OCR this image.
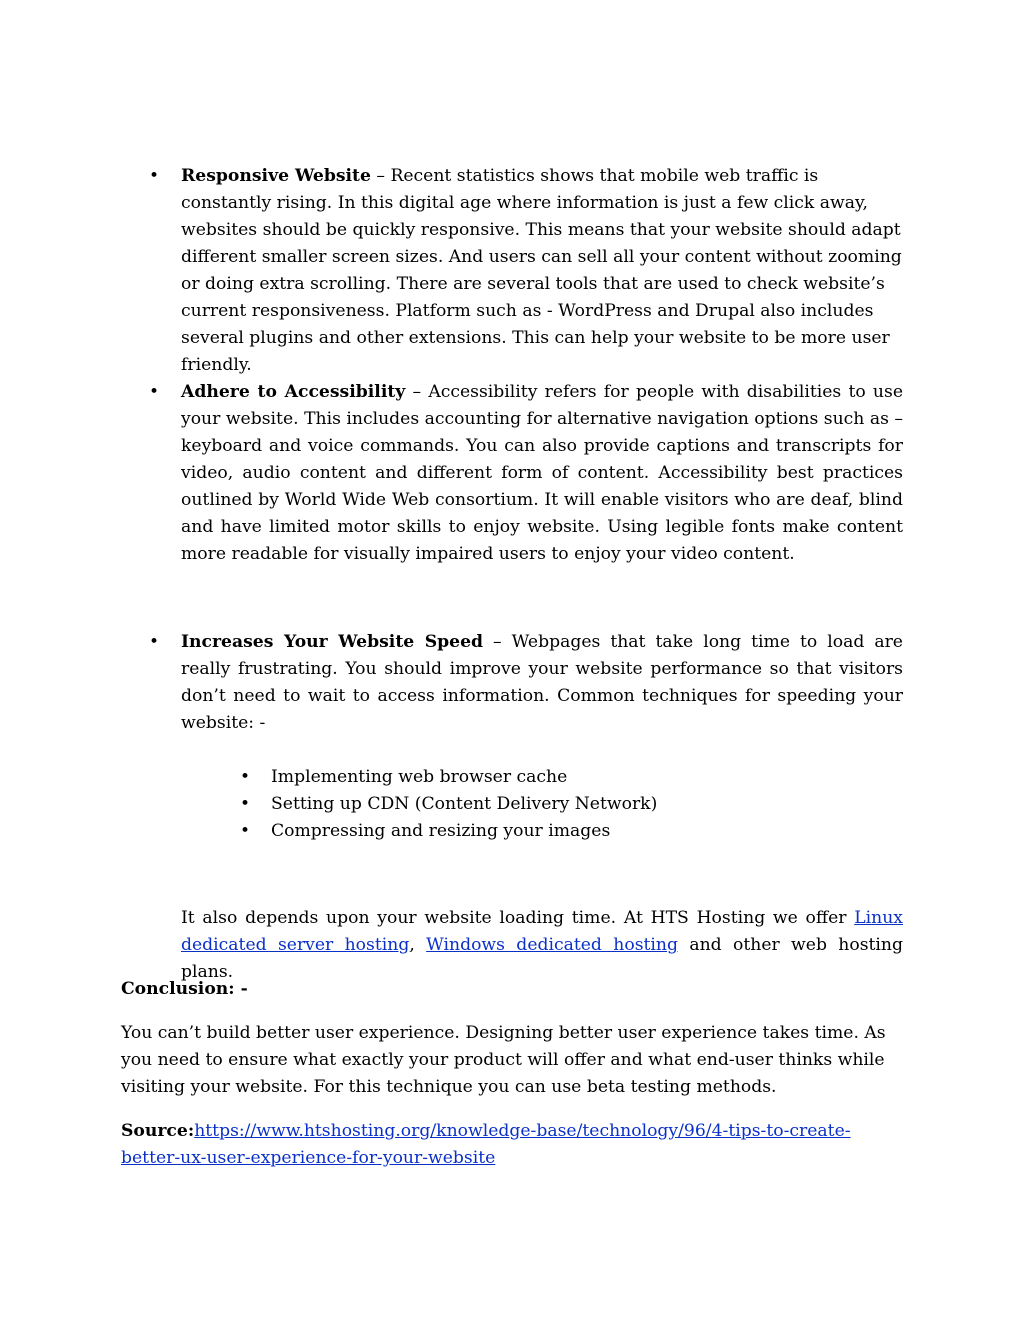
• Responsive Website – Recent statistics shows that mobile web traffic is constantly rising. In this digital age where information is just a few click away, websites should be quickly responsive. This means that your website should adapt different smaller screen sizes. And users can sell all your content without zooming or doing extra scrolling. There are several tools that are used to check website’s current responsiveness. Platform such as - WordPress and Drupal also includes several plugins and other extensions. This can help your website to be more user friendly.
• Adhere to Accessibility – Accessibility refers for people with disabilities to use your website. This includes accounting for alternative navigation options such as – keyboard and voice commands. You can also provide captions and transcripts for video, audio content and different form of content. Accessibility best practices outlined by World Wide Web consortium. It will enable visitors who are deaf, blind and have limited motor skills to enjoy website. Using legible fonts make content more readable for visually impaired users to enjoy your video content.
• Increases Your Website Speed – Webpages that take long time to load are really frustrating. You should improve your website performance so that visitors don’t need to wait to access information. Common techniques for speeding your website: -
• Implementing web browser cache
• Setting up CDN (Content Delivery Network)
• Compressing and resizing your images
It also depends upon your website loading time. At HTS Hosting we offer Linux dedicated server hosting, Windows dedicated hosting and other web hosting plans.
Conclusion: -
You can’t build better user experience. Designing better user experience takes time. As you need to ensure what exactly your product will offer and what end-user thinks while visiting your website. For this technique you can use beta testing methods.
Source:https://www.htshosting.org/knowledge-base/technology/96/4-tips-to-create-better-ux-user-experience-for-your-website
